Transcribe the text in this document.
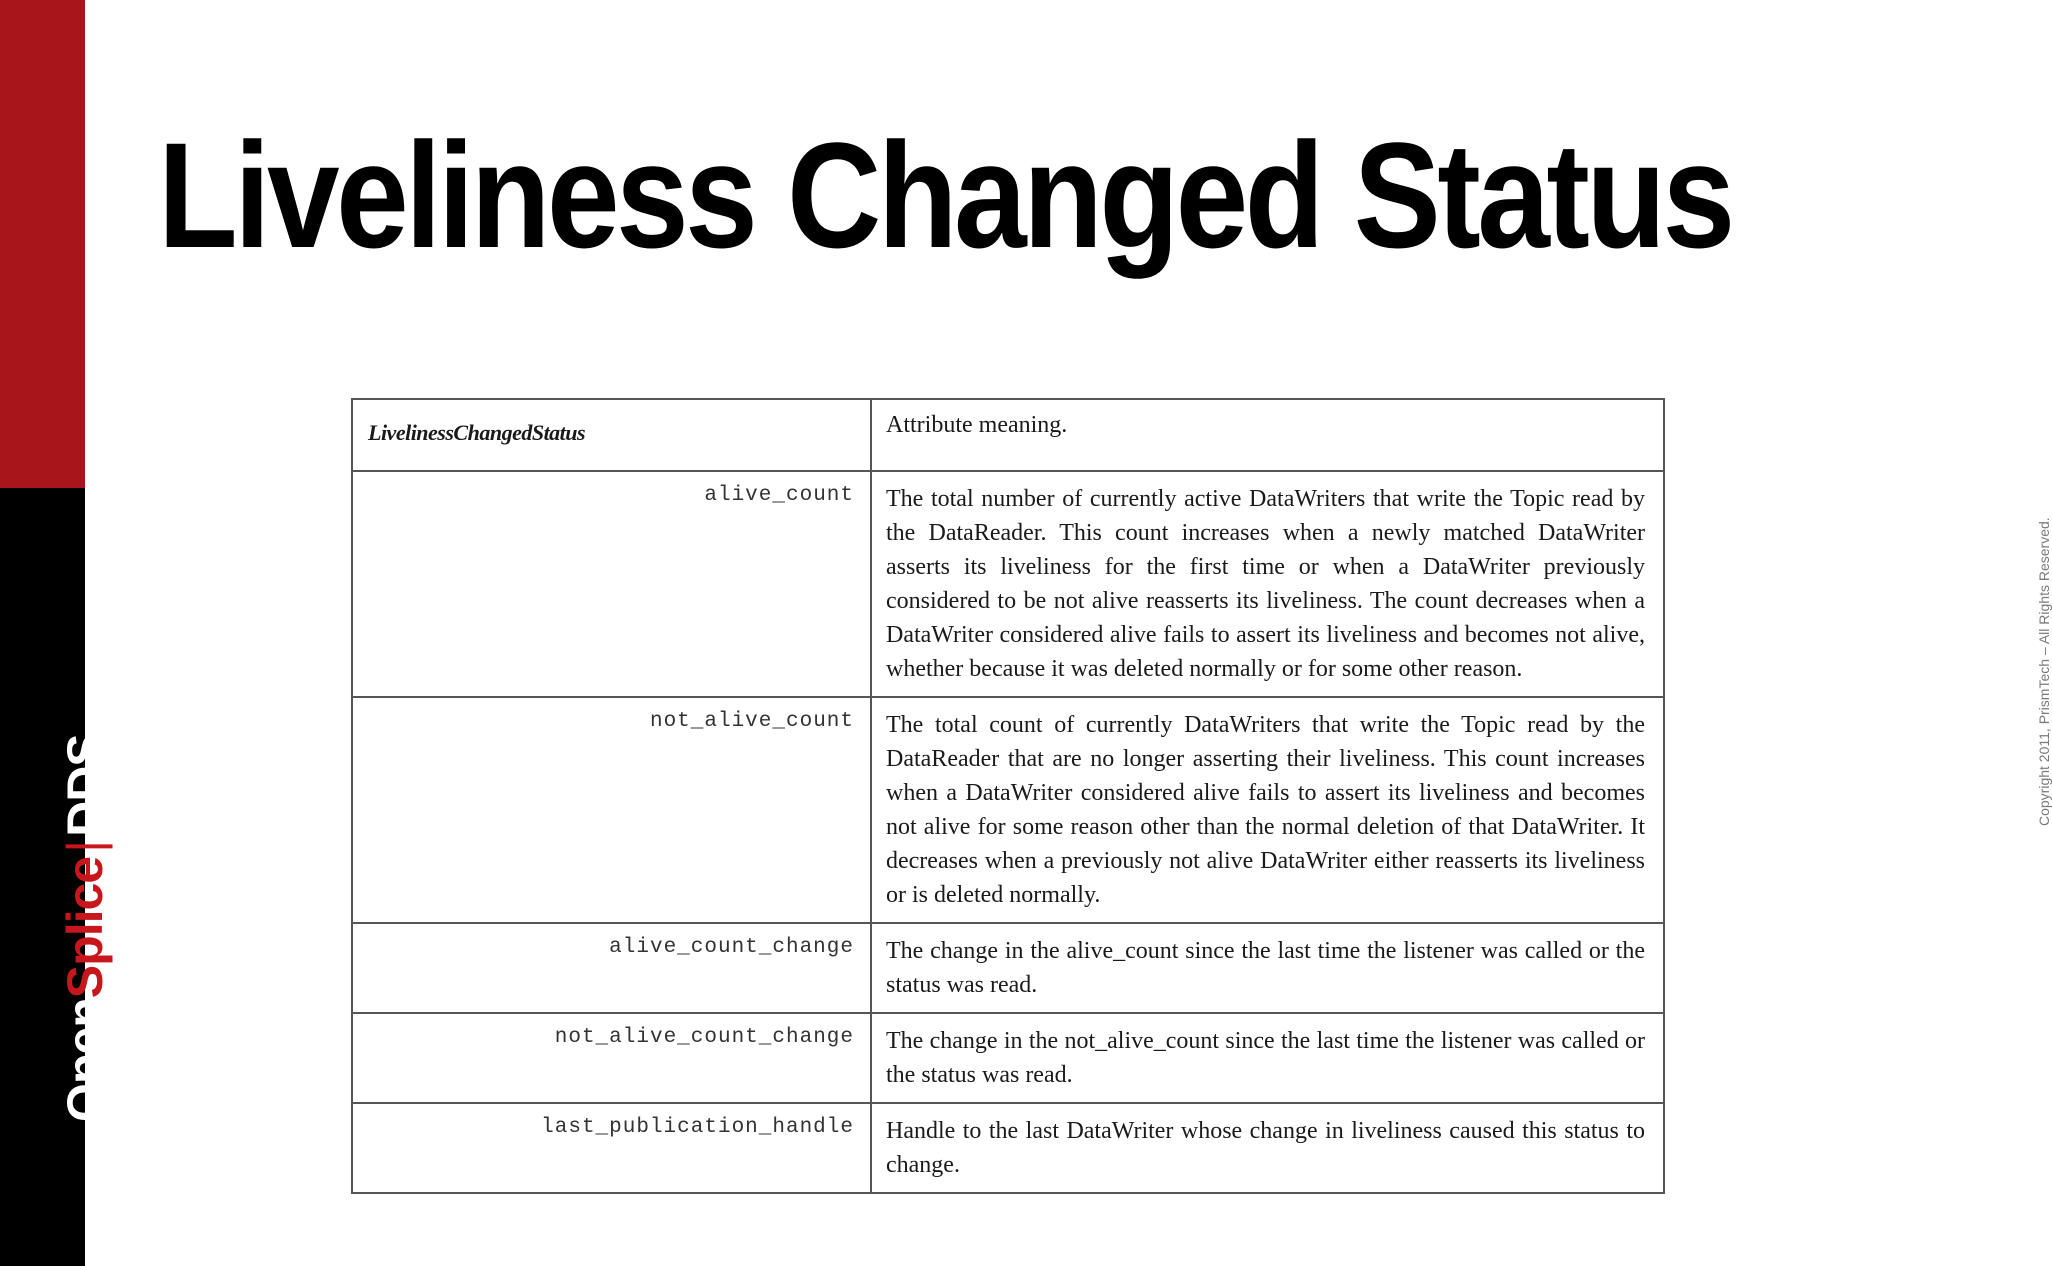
OpenSplice|DDS
Liveliness Changed Status
Copyright 2011, PrismTech – All Rights Reserved.
LivelinessChangedStatus	Attribute meaning.
alive_count	The total number of currently active DataWriters that write the Topic read by the DataReader. This count increases when a newly matched DataWriter asserts its liveliness for the first time or when a DataWriter previously considered to be not alive reasserts its liveliness. The count decreases when a DataWriter considered alive fails to assert its liveliness and becomes not alive, whether because it was deleted normally or for some other reason.
not_alive_count	The total count of currently DataWriters that write the Topic read by the DataReader that are no longer asserting their liveliness. This count increases when a DataWriter considered alive fails to assert its liveliness and becomes not alive for some reason other than the normal deletion of that DataWriter. It decreases when a previously not alive DataWriter either reasserts its liveliness or is deleted normally.
alive_count_change	The change in the alive_count since the last time the listener was called or the status was read.
not_alive_count_change	The change in the not_alive_count since the last time the listener was called or the status was read.
last_publication_handle	Handle to the last DataWriter whose change in liveliness caused this status to change.
